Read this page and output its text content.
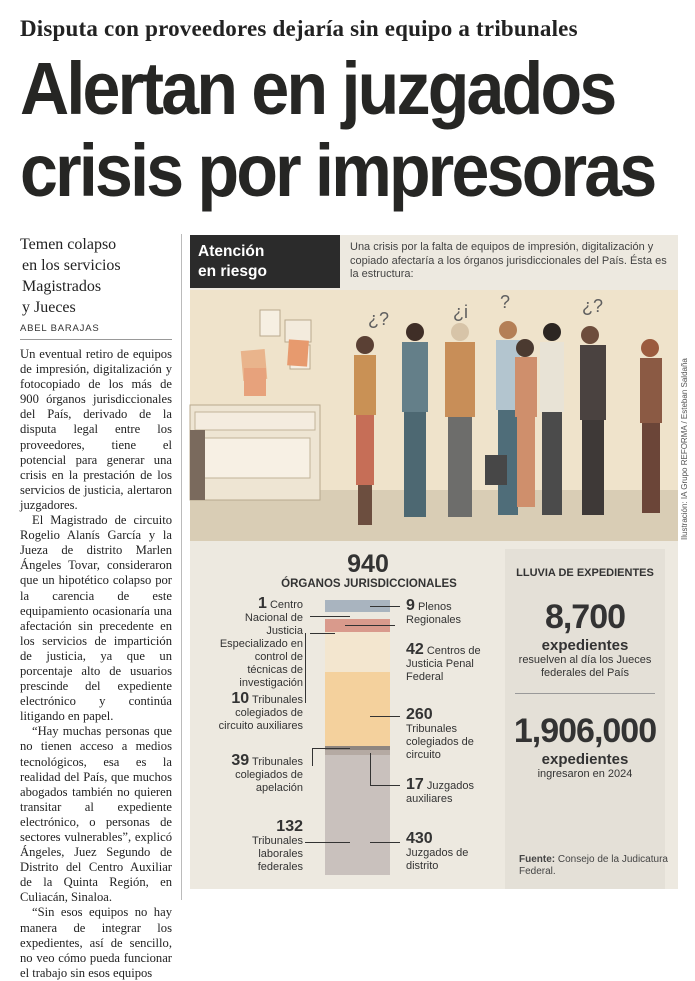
Disputa con proveedores dejaría sin equipo a tribunales
Alertan en juzgados
crisis por impresoras
Temen colapso
en los servicios
Magistrados
y Jueces
ABEL BARAJAS

Un eventual retiro de equipos de impresión, digitalización y fotocopiado de los más de 900 órganos jurisdiccionales del País, derivado de la disputa legal entre los proveedores, tiene el potencial para generar una crisis en la prestación de los servicios de justicia, alertaron juzgadores.

El Magistrado de circuito Rogelio Alanís García y la Jueza de distrito Marlen Ángeles Tovar, consideraron que un hipotético colapso por la carencia de este equipamiento ocasionaría una afectación sin precedente en los servicios de impartición de justicia, ya que un porcentaje alto de usuarios prescinde del expediente electrónico y continúa litigando en papel.

“Hay muchas personas que no tienen acceso a medios tecnológicos, esa es la realidad del País, que muchos abogados también no quieren transitar al expediente electrónico, o personas de sectores vulnerables”, explicó Ángeles, Juez Segundo de Distrito del Centro Auxiliar de la Quinta Región, en Culiacán, Sinaloa.

“Sin esos equipos no hay manera de integrar los expedientes, así de sencillo, no veo cómo pueda funcionar el trabajo sin esos equipos

Atención
en riesgo
Una crisis por la falta de equipos de impresión, digitalización y copiado afectaría a los órganos jurisdiccionales del País. Ésta es la estructura:
¿?	¿i ?	¿?
Ilustración: IA Grupo REFORMA / Esteban Saldaña
940
ÓRGANOS JURISDICCIONALES
1 Centro Nacional de Justicia Especializado en control de técnicas de investigación
10 Tribunales colegiados de circuito auxiliares
39 Tribunales colegiados de apelación
132
Tribunales laborales federales
9 Plenos Regionales
42 Centros de Justicia Penal Federal
260
Tribunales colegiados de circuito
17 Juzgados auxiliares
430
Juzgados de distrito
LLUVIA DE EXPEDIENTES
8,700
expedientes
resuelven al día los Jueces federales del País
1,906,000
expedientes
ingresaron en 2024
Fuente: Consejo de la Judicatura Federal.
